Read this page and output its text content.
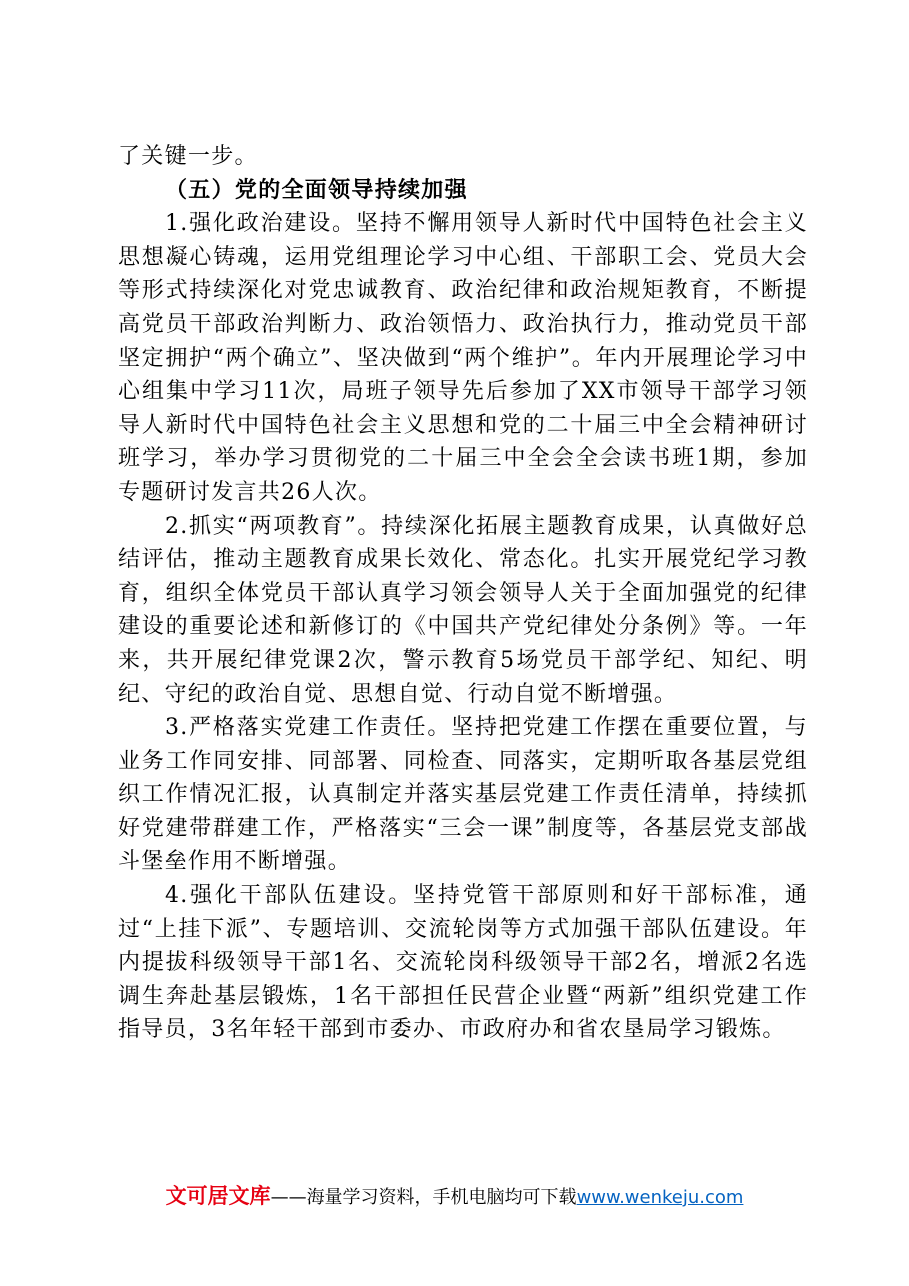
了关键一步。

（五）党的全面领导持续加强

1.强化政治建设。坚持不懈用领导人新时代中国特色社会主义思想凝心铸魂，运用党组理论学习中心组、干部职工会、党员大会等形式持续深化对党忠诚教育、政治纪律和政治规矩教育，不断提高党员干部政治判断力、政治领悟力、政治执行力，推动党员干部坚定拥护“两个确立”、坚决做到“两个维护”。年内开展理论学习中心组集中学习11次，局班子领导先后参加了XX市领导干部学习领导人新时代中国特色社会主义思想和党的二十届三中全会精神研讨班学习，举办学习贯彻党的二十届三中全会全会读书班1期，参加专题研讨发言共26人次。

2.抓实“两项教育”。持续深化拓展主题教育成果，认真做好总结评估，推动主题教育成果长效化、常态化。扎实开展党纪学习教育，组织全体党员干部认真学习领会领导人关于全面加强党的纪律建设的重要论述和新修订的《中国共产党纪律处分条例》等。一年来，共开展纪律党课2次，警示教育5场党员干部学纪、知纪、明纪、守纪的政治自觉、思想自觉、行动自觉不断增强。

3.严格落实党建工作责任。坚持把党建工作摆在重要位置，与业务工作同安排、同部署、同检查、同落实，定期听取各基层党组织工作情况汇报，认真制定并落实基层党建工作责任清单，持续抓好党建带群建工作，严格落实“三会一课”制度等，各基层党支部战斗堡垒作用不断增强。

4.强化干部队伍建设。坚持党管干部原则和好干部标准，通过“上挂下派”、专题培训、交流轮岗等方式加强干部队伍建设。年内提拔科级领导干部1名、交流轮岗科级领导干部2名，增派2名选调生奔赴基层锻炼，1名干部担任民营企业暨“两新”组织党建工作指导员，3名年轻干部到市委办、市政府办和省农垦局学习锻炼。

文可居文库——海量学习资料，手机电脑均可下载www.wenkeju.com
